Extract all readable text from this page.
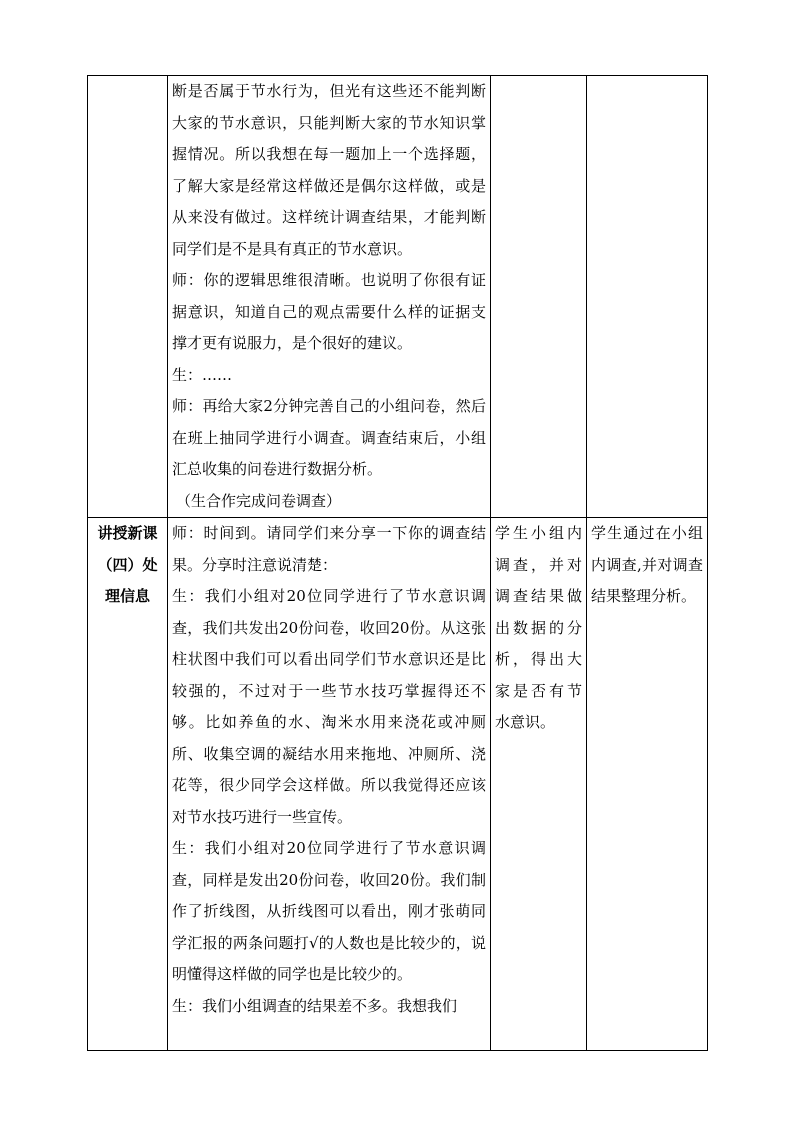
	断是否属于节水行为，但光有这些还不能判断大家的节水意识，只能判断大家的节水知识掌握情况。所以我想在每一题加上一个选择题，了解大家是经常这样做还是偶尔这样做，或是从来没有做过。这样统计调查结果，才能判断同学们是不是具有真正的节水意识。

师：你的逻辑思维很清晰。也说明了你很有证据意识，知道自己的观点需要什么样的证据支撑才更有说服力，是个很好的建议。

生：……

师：再给大家2分钟完善自己的小组问卷，然后在班上抽同学进行小调查。调查结束后，小组汇总收集的问卷进行数据分析。

（生合作完成问卷调查）		

讲授新课（四）处理信息	师：时间到。请同学们来分享一下你的调查结果。分享时注意说清楚：

生：我们小组对20位同学进行了节水意识调查，我们共发出20份问卷，收回20份。从这张柱状图中我们可以看出同学们节水意识还是比较强的，不过对于一些节水技巧掌握得还不够。比如养鱼的水、淘米水用来浇花或冲厕所、收集空调的凝结水用来拖地、冲厕所、浇花等，很少同学会这样做。所以我觉得还应该对节水技巧进行一些宣传。

生：我们小组对20位同学进行了节水意识调查，同样是发出20份问卷，收回20份。我们制作了折线图，从折线图可以看出，刚才张萌同学汇报的两条问题打√的人数也是比较少的，说明懂得这样做的同学也是比较少的。

生：我们小组调查的结果差不多。我想我们	学生小组内调查，并对调查结果做出数据的分析，得出大家是否有节水意识。	学生通过在小组内调查,并对调查结果整理分析。
